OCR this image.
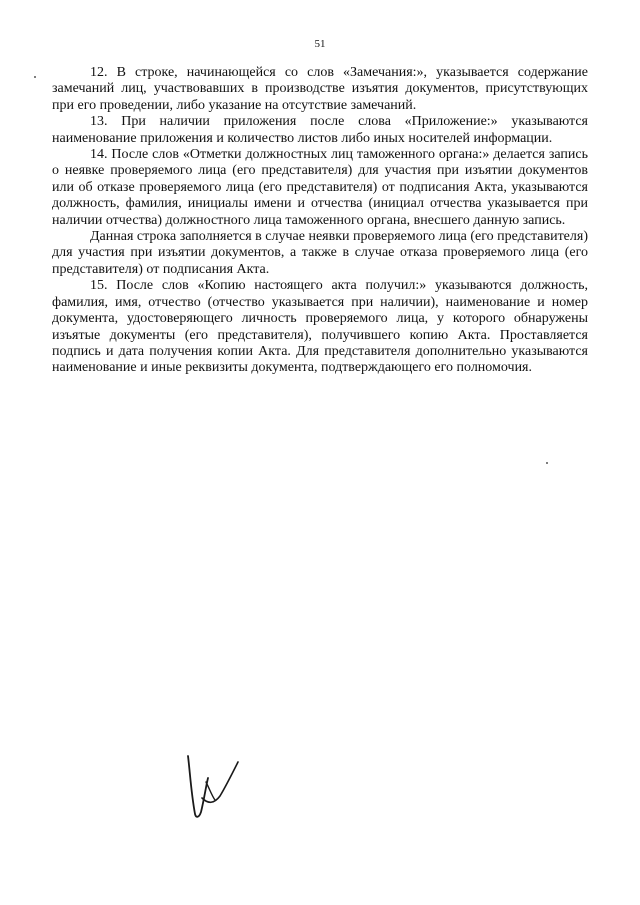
51

12. В строке, начинающейся со слов «Замечания:», указывается содержание замечаний лиц, участвовавших в производстве изъятия документов, присутствующих при его проведении, либо указание на отсутствие замечаний.

13. При наличии приложения после слова «Приложение:» указываются наименование приложения и количество листов либо иных носителей информации.

14. После слов «Отметки должностных лиц таможенного органа:» делается запись о неявке проверяемого лица (его представителя) для участия при изъятии документов или об отказе проверяемого лица (его представителя) от подписания Акта, указываются должность, фамилия, инициалы имени и отчества (инициал отчества указывается при наличии отчества) должностного лица таможенного органа, внесшего данную запись.

Данная строка заполняется в случае неявки проверяемого лица (его представителя) для участия при изъятии документов, а также в случае отказа проверяемого лица (его представителя) от подписания Акта.

15. После слов «Копию настоящего акта получил:» указываются должность, фамилия, имя, отчество (отчество указывается при наличии), наименование и номер документа, удостоверяющего личность проверяемого лица, у которого обнаружены изъятые документы (его представителя), получившего копию Акта. Проставляется подпись и дата получения копии Акта. Для представителя дополнительно указываются наименование и иные реквизиты документа, подтверждающего его полномочия.
